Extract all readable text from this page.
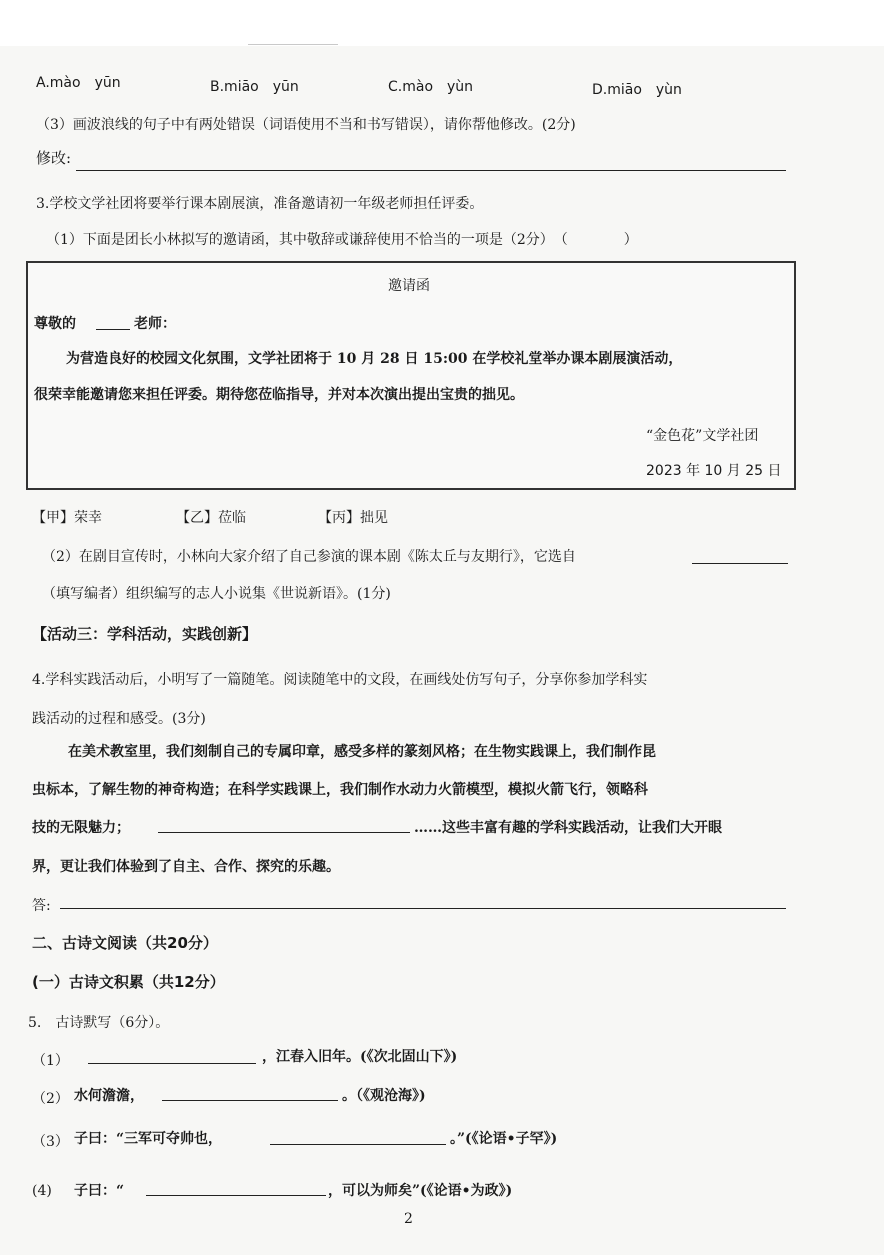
A.mào　yūn	B.miāo　yūn	C.mào　yùn	D.miāo　yùn
（3）画波浪线的句子中有两处错误（词语使用不当和书写错误），请你帮他修改。(2分)
修改:
3.学校文学社团将要举行课本剧展演，准备邀请初一年级老师担任评委。
（1）下面是团长小林拟写的邀请函，其中敬辞或谦辞使用不恰当的一项是（2分）　（　　　　）
邀请函
尊敬的	老师：
为营造良好的校园文化氛围，文学社团将于 10 月 28 日 15:00 在学校礼堂举办课本剧展演活动，
很荣幸能邀请您来担任评委。期待您莅临指导，并对本次演出提出宝贵的拙见。
“金色花”文学社团
2023 年 10 月 25 日
【甲】荣幸	【乙】莅临	【丙】拙见
（2）在剧目宣传时，小林向大家介绍了自己参演的课本剧《陈太丘与友期行》，它选自
（填写编者）组织编写的志人小说集《世说新语》。(1分)
【活动三：学科活动，实践创新】
4.学科实践活动后，小明写了一篇随笔。阅读随笔中的文段，在画线处仿写句子，分享你参加学科实
践活动的过程和感受。(3分)
在美术教室里，我们刻制自己的专属印章，感受多样的篆刻风格；在生物实践课上，我们制作昆
虫标本，了解生物的神奇构造；在科学实践课上，我们制作水动力火箭模型，模拟火箭飞行，领略科
技的无限魅力；	……这些丰富有趣的学科实践活动，让我们大开眼
界，更让我们体验到了自主、合作、探究的乐趣。
答:
二、古诗文阅读（共20分）
(一）古诗文积累（共12分）
5.　古诗默写（6分）。
（1）	，江春入旧年。(《次北固山下》)
（2） 水何澹澹，	。（《观沧海》)
（3） 子曰：“三军可夺帅也，	。”(《论语•子罕》)
(4) 子曰：“	，可以为师矣”(《论语•为政》)
2
